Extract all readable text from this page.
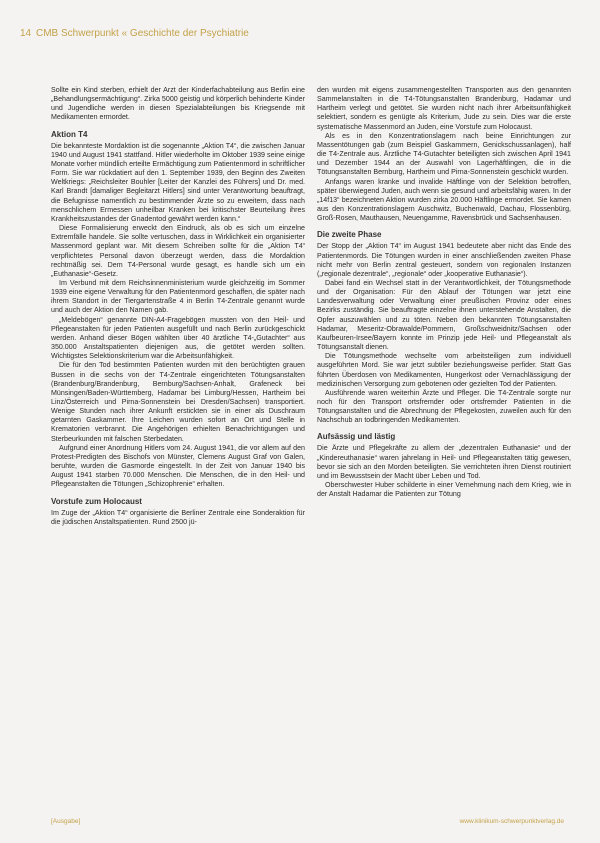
14 CMB Schwerpunkt « Geschichte der Psychiatrie

Sollte ein Kind sterben, erhielt der Arzt der Kinderfachabteilung aus Berlin eine „Behandlungsermächtigung“. Zirka 5000 geistig und körperlich behinderte Kinder und Jugendliche werden in diesen Spezialabteilungen bis Kriegsende mit Medikamenten ermordet.

Aktion T4

Die bekannteste Mordaktion ist die sogenannte „Aktion T4“, die zwischen Januar 1940 und August 1941 stattfand. Hitler wiederholte im Oktober 1939 seine einige Monate vorher mündlich erteilte Ermächtigung zum Patientenmord in schriftlicher Form. Sie war rückdatiert auf den 1. September 1939, den Beginn des Zweiten Weltkriegs: „Reichsleiter Bouhler [Leiter der Kanzlei des Führers] und Dr. med. Karl Brandt [damaliger Begleitarzt Hitlers] sind unter Verantwortung beauftragt, die Befugnisse namentlich zu bestimmender Ärzte so zu erweitern, dass nach menschlichem Ermessen unheilbar Kranken bei kritischster Beurteilung ihres Krankheitszustandes der Gnadentod gewährt werden kann.“

Diese Formalisierung erweckt den Eindruck, als ob es sich um einzelne Extremfälle handele. Sie sollte vertuschen, dass in Wirklichkeit ein organisierter Massenmord geplant war. Mit diesem Schreiben sollte für die „Aktion T4“ verpflichtetes Personal davon überzeugt werden, dass die Mordaktion rechtmäßig sei. Dem T4-Personal wurde gesagt, es handle sich um ein „Euthanasie“-Gesetz.

Im Verbund mit dem Reichsinnenministerium wurde gleichzeitig im Sommer 1939 eine eigene Verwaltung für den Patientenmord geschaffen, die später nach ihrem Standort in der Tiergartenstraße 4 in Berlin T4-Zentrale genannt wurde und auch der Aktion den Namen gab.

„Meldebögen“ genannte DIN-A4-Fragebögen mussten von den Heil- und Pflegeanstalten für jeden Patienten ausgefüllt und nach Berlin zurückgeschickt werden. Anhand dieser Bögen wählten über 40 ärztliche T4-„Gutachter“ aus 350.000 Anstaltspatienten diejenigen aus, die getötet werden sollten. Wichtigstes Selektionskriterium war die Arbeitsunfähigkeit.

Die für den Tod bestimmten Patienten wurden mit den berüchtigten grauen Bussen in die sechs von der T4-Zentrale eingerichteten Tötungsanstalten (Brandenburg/Brandenburg, Bernburg/Sachsen-Anhalt, Grafeneck bei Münsingen/Baden-Württemberg, Hadamar bei Limburg/Hessen, Hartheim bei Linz/Österreich und Pirna-Sonnenstein bei Dresden/Sachsen) transportiert. Wenige Stunden nach ihrer Ankunft erstickten sie in einer als Duschraum getarnten Gaskammer. Ihre Leichen wurden sofort an Ort und Stelle in Krematorien verbrannt. Die Angehörigen erhielten Benachrichtigungen und Sterbeurkunden mit falschen Sterbedaten.

Aufgrund einer Anordnung Hitlers vom 24. August 1941, die vor allem auf den Protest-Predigten des Bischofs von Münster, Clemens August Graf von Galen, beruhte, wurden die Gasmorde eingestellt. In der Zeit von Januar 1940 bis August 1941 starben 70.000 Menschen. Die Menschen, die in den Heil- und Pflegeanstalten die Tötungen „Schizophrenie“ erhalten.

Vorstufe zum Holocaust

Im Zuge der „Aktion T4“ organisierte die Berliner Zentrale eine Sonderaktion für die jüdischen Anstaltspatienten. Rund 2500 jü-

den wurden mit eigens zusammengestellten Transporten aus den genannten Sammelanstalten in die T4-Tötungsanstalten Brandenburg, Hadamar und Hartheim verlegt und getötet. Sie wurden nicht nach ihrer Arbeitsunfähigkeit selektiert, sondern es genügte als Kriterium, Jude zu sein. Dies war die erste systematische Massenmord an Juden, eine Vorstufe zum Holocaust.

Als es in den Konzentrationslagern nach beine Einrichtungen zur Massentötungen gab (zum Beispiel Gaskammern, Genickschussanlagen), half die T4-Zentrale aus. Ärztliche T4-Gutachter beteiligten sich zwischen April 1941 und Dezember 1944 an der Auswahl von Lagerhäftlingen, die in die Tötungsanstalten Bernburg, Hartheim und Pirna-Sonnenstein geschickt wurden.

Anfangs waren kranke und invalide Häftlinge von der Selektion betroffen, später überwiegend Juden, auch wenn sie gesund und arbeitsfähig waren. In der „14f13“ bezeichneten Aktion wurden zirka 20.000 Häftlinge ermordet. Sie kamen aus den Konzentrationslagern Auschwitz, Buchenwald, Dachau, Flossenbürg, Groß-Rosen, Mauthausen, Neuengamme, Ravensbrück und Sachsenhausen.

Die zweite Phase

Der Stopp der „Aktion T4“ im August 1941 bedeutete aber nicht das Ende des Patientenmords. Die Tötungen wurden in einer anschließenden zweiten Phase nicht mehr von Berlin zentral gesteuert, sondern von regionalen Instanzen („regionale dezentrale“, „regionale“ oder „kooperative Euthanasie“).

Dabei fand ein Wechsel statt in der Verantwortlichkeit, der Tötungsmethode und der Organisation: Für den Ablauf der Tötungen war jetzt eine Landesverwaltung oder Verwaltung einer preußischen Provinz oder eines Bezirks zuständig. Sie beauftragte einzelne ihnen unterstehende Anstalten, die Opfer auszuwählen und zu töten. Neben den bekannten Tötungsanstalten Hadamar, Meseritz-Obrawalde/Pommern, Großschweidnitz/Sachsen oder Kaufbeuren-Irsee/Bayern konnte im Prinzip jede Heil- und Pflegeanstalt als Tötungsanstalt dienen.

Die Tötungsmethode wechselte vom arbeitsteiligen zum individuell ausgeführten Mord. Sie war jetzt subtiler beziehungsweise perfider. Statt Gas führten Überdosen von Medikamenten, Hungerkost oder Vernachlässigung der medizinischen Versorgung zum gebotenen oder gezielten Tod der Patienten.

Ausführende waren weiterhin Ärzte und Pfleger. Die T4-Zentrale sorgte nur noch für den Transport ortsfremder oder ortsfremder Patienten in die Tötungsanstalten und die Abrechnung der Pflegekosten, zuweilen auch für den Nachschub an todbringenden Medikamenten.

Aufsässig und lästig

Die Ärzte und Pflegekräfte zu allem der „dezentralen Euthanasie“ und der „Kindereuthanasie“ waren jahrelang in Heil- und Pflegeanstalten tätig gewesen, bevor sie sich an den Morden beteiligten. Sie verrichteten ihren Dienst routiniert und im Bewusstsein der Macht über Leben und Tod.

Oberschwester Huber schilderte in einer Vernehmung nach dem Krieg, wie in der Anstalt Hadamar die Patienten zur Tötung

[Ausgabe]	www.klinikum-schwerpunktverlag.de
